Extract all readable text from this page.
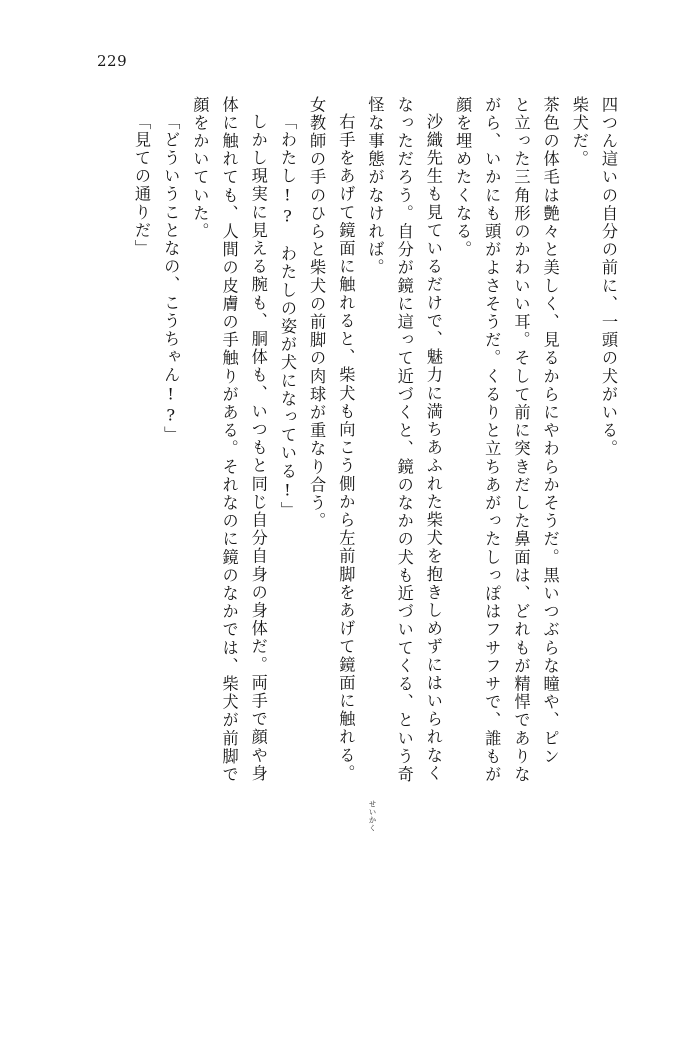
229
四つん這いの自分の前に、一頭の犬がいる。
柴犬だ。
茶色の体毛は艶々と美しく、見るからにやわらかそうだ。黒いつぶらな瞳や、ピン
と立った三角形のかわいい耳。そして前に突きだした鼻面は、どれもが精悍でありな
がら、いかにも頭がよさそうだ。くるりと立ちあがったしっぽはフサフサで、誰もが
顔を埋めたくなる。
沙織先生も見ているだけで、魅力に満ちあふれた柴犬を抱きしめずにはいられなく
なっただろう。自分が鏡に這って近づくと、鏡のなかの犬も近づいてくる、という奇
怪な事態がなければ。
右手をあげて鏡面に触れると、柴犬も向こう側から左前脚をあげて鏡面に触れる。
女教師の手のひらと柴犬の前脚の肉球が重なり合う。
「わたし!?　わたしの姿が犬になっている!」
しかし現実に見える腕も、胴体も、いつもと同じ自分自身の身体だ。両手で顔や身
体に触れても、人間の皮膚の手触りがある。それなのに鏡のなかでは、柴犬が前脚で
顔をかいていた。
「どういうことなの、こうちゃん!?」
「見ての通りだ」
せいかく
